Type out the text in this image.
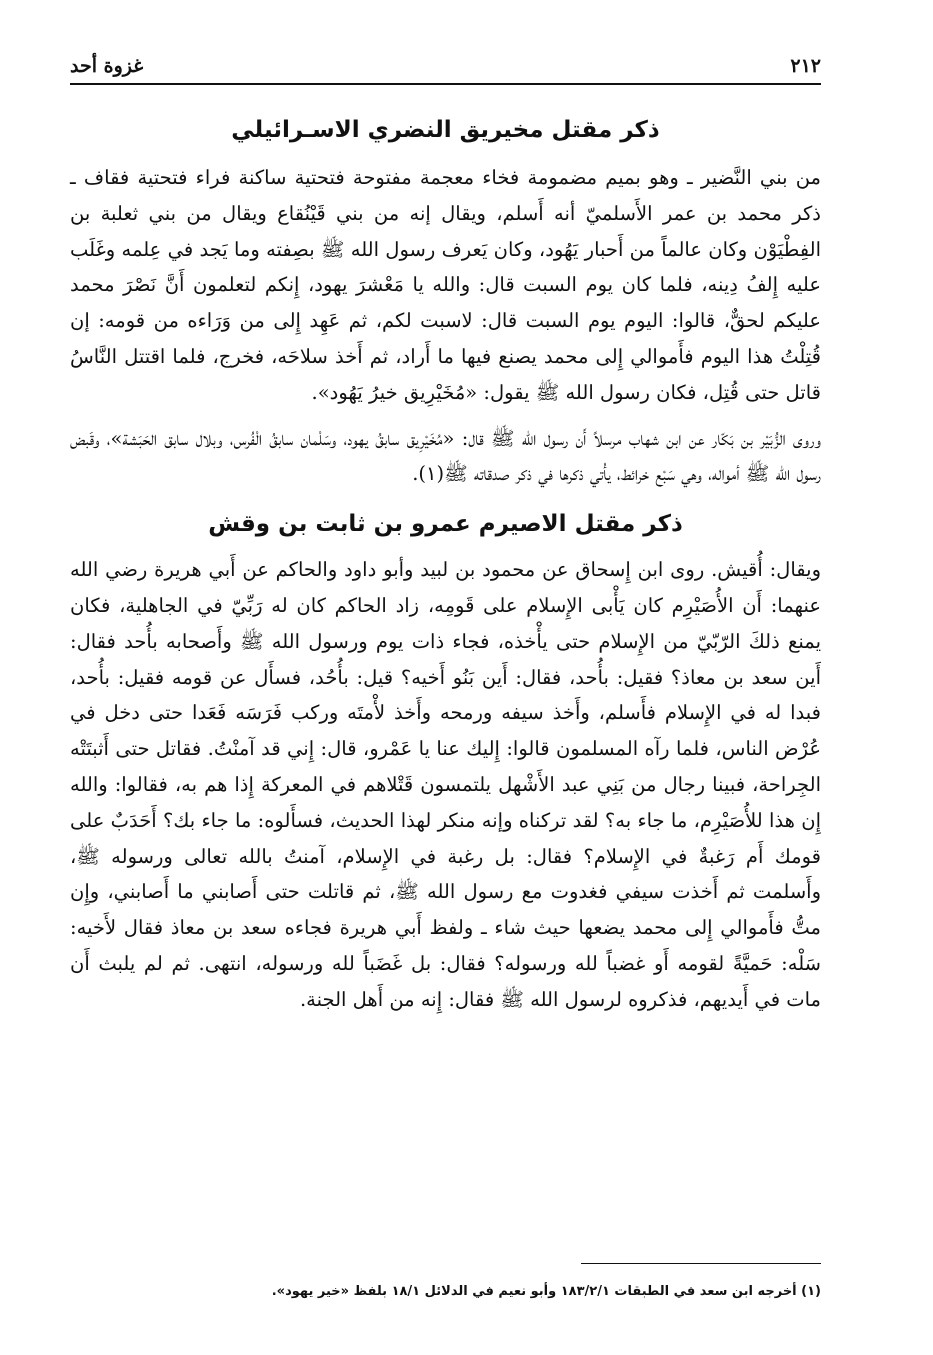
٢١٢
غزوة أحد
ذكر مقتل مخيريق النضري الاسـرائيلي

من بني النَّضير ـ وهو بميم مضمومة فخاء معجمة مفتوحة فتحتية ساكنة فراء فتحتية فقاف ـ ذكر محمد بن عمر الأَسلميّ أنه أَسلم، ويقال إنه من بني قَيْنُقاع ويقال من بني ثعلبة بن الفِطْيَوْن وكان عالماً من أَحبار يَهُود، وكان يَعرف رسول الله ﷺ بصِفته وما يَجد في عِلمه وغَلَب عليه إِلفُ دِينه، فلما كان يوم السبت قال: والله يا مَعْشرَ يهود، إِنكم لتعلمون أَنَّ نَصْرَ محمد عليكم لحقٌّ، قالوا: اليوم يوم السبت قال: لاسبت لكم، ثم عَهِد إِلى من وَرَاءه من قومه: إن قُتِلْتُ هذا اليوم فأَموالي إِلى محمد يصنع فيها ما أَراد، ثم أَخذ سلاحَه، فخرج، فلما اقتتل النَّاسُ قاتل حتى قُتِل، فكان رسول الله ﷺ يقول: «مُخَيْرِيق خيرُ يَهُود».

وروى الزُّبَيْر بن بَكّار عن ابن شهاب مرسلاً أَن رسول الله ﷺ قال: «مُخَيْرِيق سابقُ يهود، وسَلْمان سابقُ الْفُرس، وبلال سابق الحَبَشة»، وقَبض رسول الله ﷺ أمواله، وهي سَبْع خرائط، يأْتي ذكرها في ذكر صدقاته ﷺ(١).

ذكر مقتل الاصيرم عمرو بن ثابت بن وقش

ويقال: أُقيش. روى ابن إِسحاق عن محمود بن لبيد وأبو داود والحاكم عن أَبي هريرة رضي الله عنهما: أَن الأُصَيْرِم كان يَأْبى الإِسلام على قَومِه، زاد الحاكم كان له رَبِّيّ في الجاهلية، فكان يمنع ذلكَ الرّبّيّ من الإِسلام حتى يأْخذه، فجاء ذات يوم ورسول الله ﷺ وأَصحابه بأُحد فقال: أَين سعد بن معاذ؟ فقيل: بأُحد، فقال: أَين بَنُو أَخيه؟ قيل: بأُحُد، فسأَل عن قومه فقيل: بأُحد، فبدا له في الإِسلام فأَسلم، وأَخذ سيفه ورمحه وأَخذ لأْمتَه وركب فَرَسَه فَعَدا حتى دخل في عُرْض الناس، فلما رآه المسلمون قالوا: إِليك عنا يا عَمْرو، قال: إِني قد آمنْتُ. فقاتل حتى أَثبتَتْه الجِراحة، فبينا رجال من بَنِي عبد الأَشْهل يلتمسون قَتْلاهم في المعركة إِذا هم به، فقالوا: والله إِن هذا للأُصَيْرِم، ما جاء به؟ لقد تركناه وإنه منكر لهذا الحديث، فسأَلوه: ما جاء بك؟ أَحَدَبٌ على قومك أَم رَغبةٌ في الإِسلام؟ فقال: بل رغبة في الإِسلام، آمنتُ بالله تعالى ورسوله ﷺ، وأَسلمت ثم أَخذت سيفي فغدوت مع رسول الله ﷺ، ثم قاتلت حتى أَصابني ما أَصابني، وإِن متُّ فأَموالي إِلى محمد يضعها حيث شاء ـ ولفظ أَبي هريرة فجاءه سعد بن معاذ فقال لأَخيه: سَلْه: حَميَّةً لقومه أَو غضباً لله ورسوله؟ فقال: بل غَضَباً لله ورسوله، انتهى. ثم لم يلبث أَن مات في أَيديهم، فذكروه لرسول الله ﷺ فقال: إِنه من أَهل الجنة.

(١) أخرجه ابن سعد في الطبقات ١٨٣/٢/١ وأبو نعيم في الدلائل ١٨/١ بلفظ «خير يهود».
